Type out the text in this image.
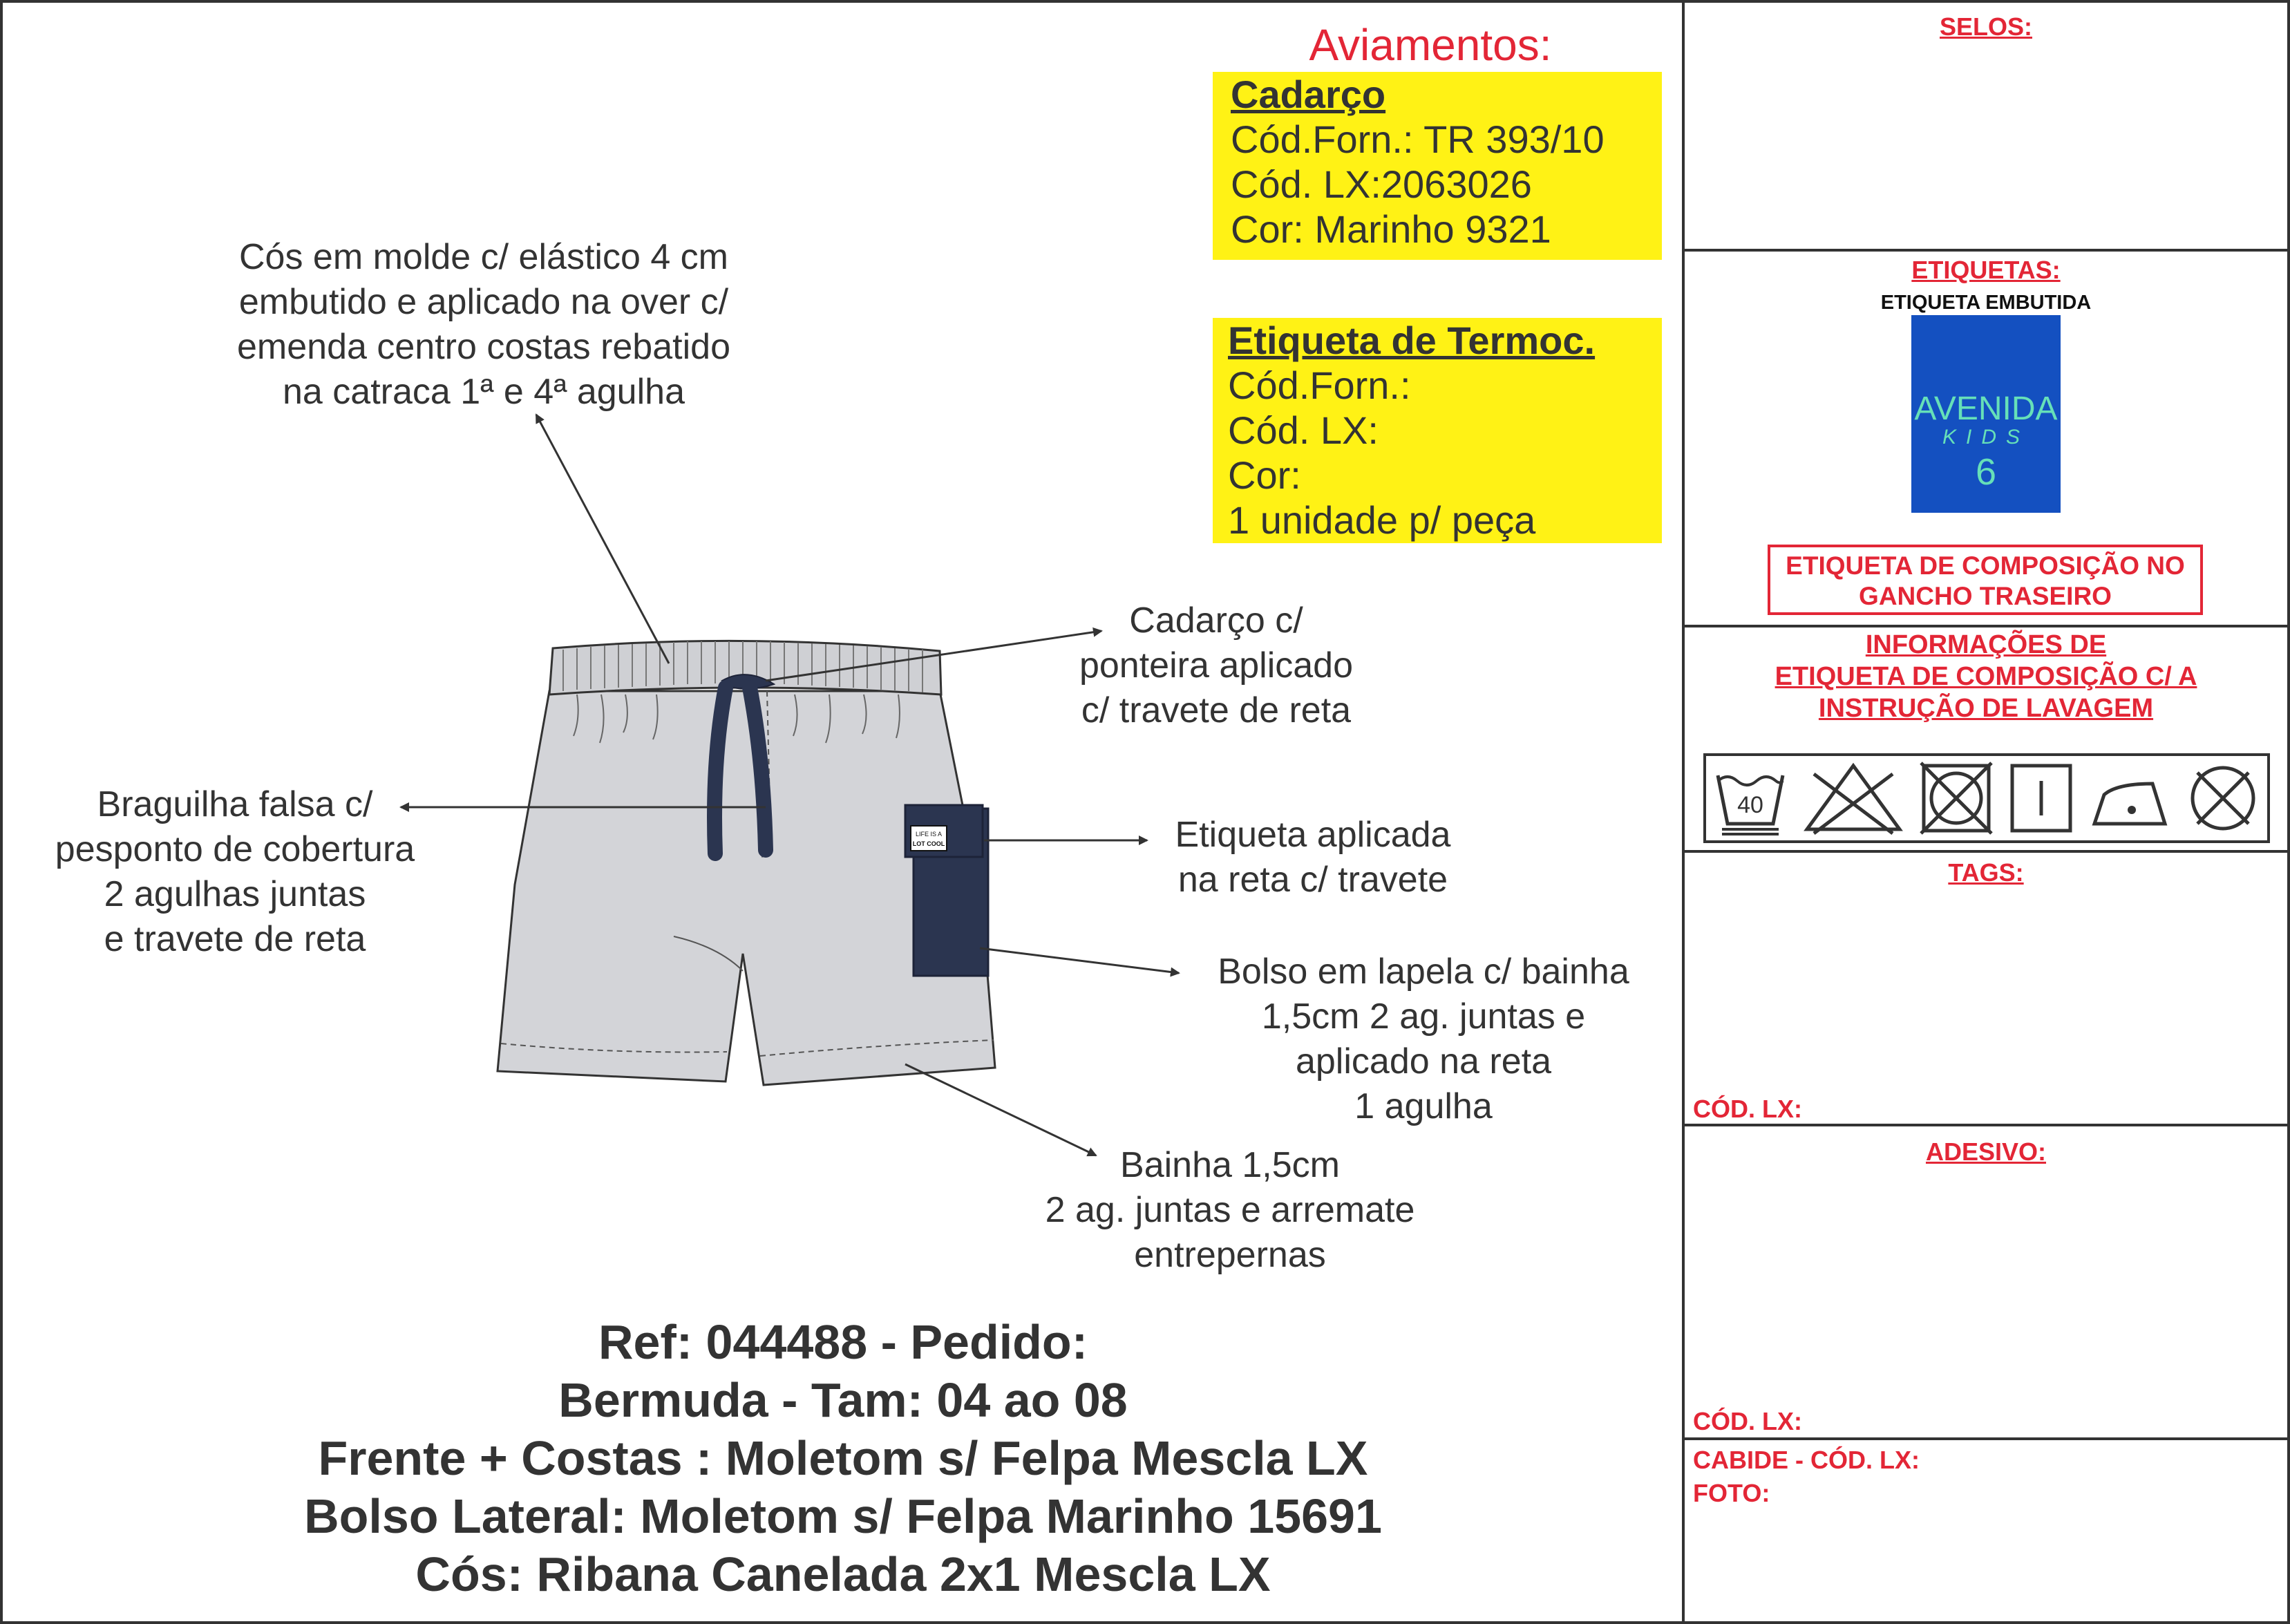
Aviamentos:
Cadarço
Cód.Forn.: TR 393/10
Cód. LX:2063026
Cor: Marinho 9321
Etiqueta de Termoc.
Cód.Forn.:
Cód. LX:
Cor:
1 unidade p/ peça
Cós em molde c/ elástico 4 cm
embutido e aplicado na over c/
emenda centro costas rebatido
na catraca 1ª e 4ª agulha
Cadarço c/
ponteira aplicado
c/ travete de reta
Braguilha falsa c/
pesponto de cobertura
2 agulhas juntas
e travete de reta
Etiqueta aplicada
na reta c/ travete
Bolso em lapela c/ bainha
1,5cm 2 ag. juntas e
aplicado na reta
1 agulha
Bainha 1,5cm
2 ag. juntas e arremate
entrepernas
LIFE IS A
LOT COOL
Ref: 044488 - Pedido:
Bermuda - Tam: 04 ao 08
Frente + Costas : Moletom s/ Felpa Mescla LX
Bolso Lateral: Moletom s/ Felpa Marinho 15691
Cós: Ribana Canelada 2x1 Mescla LX
SELOS:
ETIQUETAS:
ETIQUETA EMBUTIDA
AVENIDA
KIDS
6
ETIQUETA DE COMPOSIÇÃO NO
GANCHO TRASEIRO
INFORMAÇÕES DE
ETIQUETA DE COMPOSIÇÃO C/ A
INSTRUÇÃO DE LAVAGEM
40
TAGS:
CÓD. LX:
ADESIVO:
CÓD. LX:
CABIDE - CÓD. LX:
FOTO:
